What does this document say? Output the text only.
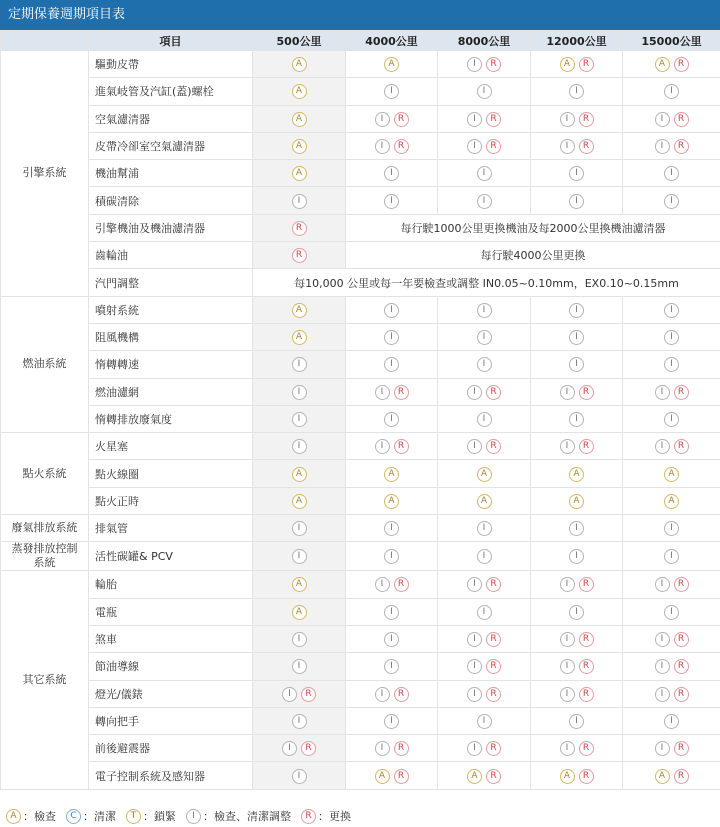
定期保養週期項目表
	項目	500公里	4000公里	8000公里	12000公里	15000公里
引擎系統	驅動皮帶	A	A	I R	A R	A R
	進氣岐管及汽缸(蓋)螺栓	A	I	I	I	I
	空氣濾清器	A	I R	I R	I R	I R
	皮帶冷卻室空氣濾清器	A	I R	I R	I R	I R
	機油幫浦	A	I	I	I	I
	積碳清除	I	I	I	I	I
	引擎機油及機油濾清器	R	每行駛1000公里更換機油及每2000公里換機油濾清器			
	齒輪油	R	每行駛4000公里更換			
	汽門調整	每10,000 公里或每一年要檢查或調整 IN0.05~0.10mm，EX0.10~0.15mm				
燃油系統	噴射系統	A	I	I	I	I
	阻風機構	A	I	I	I	I
	惰轉轉速	I	I	I	I	I
	燃油濾網	I	I R	I R	I R	I R
	惰轉排放廢氣度	I	I	I	I	I
點火系統	火星塞	I	I R	I R	I R	I R
	點火線圈	A	A	A	A	A
	點火正時	A	A	A	A	A
廢氣排放系統	排氣管	I	I	I	I	I
蒸發排放控制系統	活性碳罐& PCV	I	I	I	I	I
其它系統	輪胎	A	I R	I R	I R	I R
	電瓶	A	I	I	I	I
	煞車	I	I	I R	I R	I R
	節油導線	I	I	I R	I R	I R
	燈光/儀錶	I R	I R	I R	I R	I R
	轉向把手	I	I	I	I	I
	前後避震器	I R	I R	I R	I R	I R
	電子控制系統及感知器	I	A R	A R	A R	A R
A ：檢查	C ：清潔	T ：鎖緊	I ：檢查、清潔調整	R ：更換
